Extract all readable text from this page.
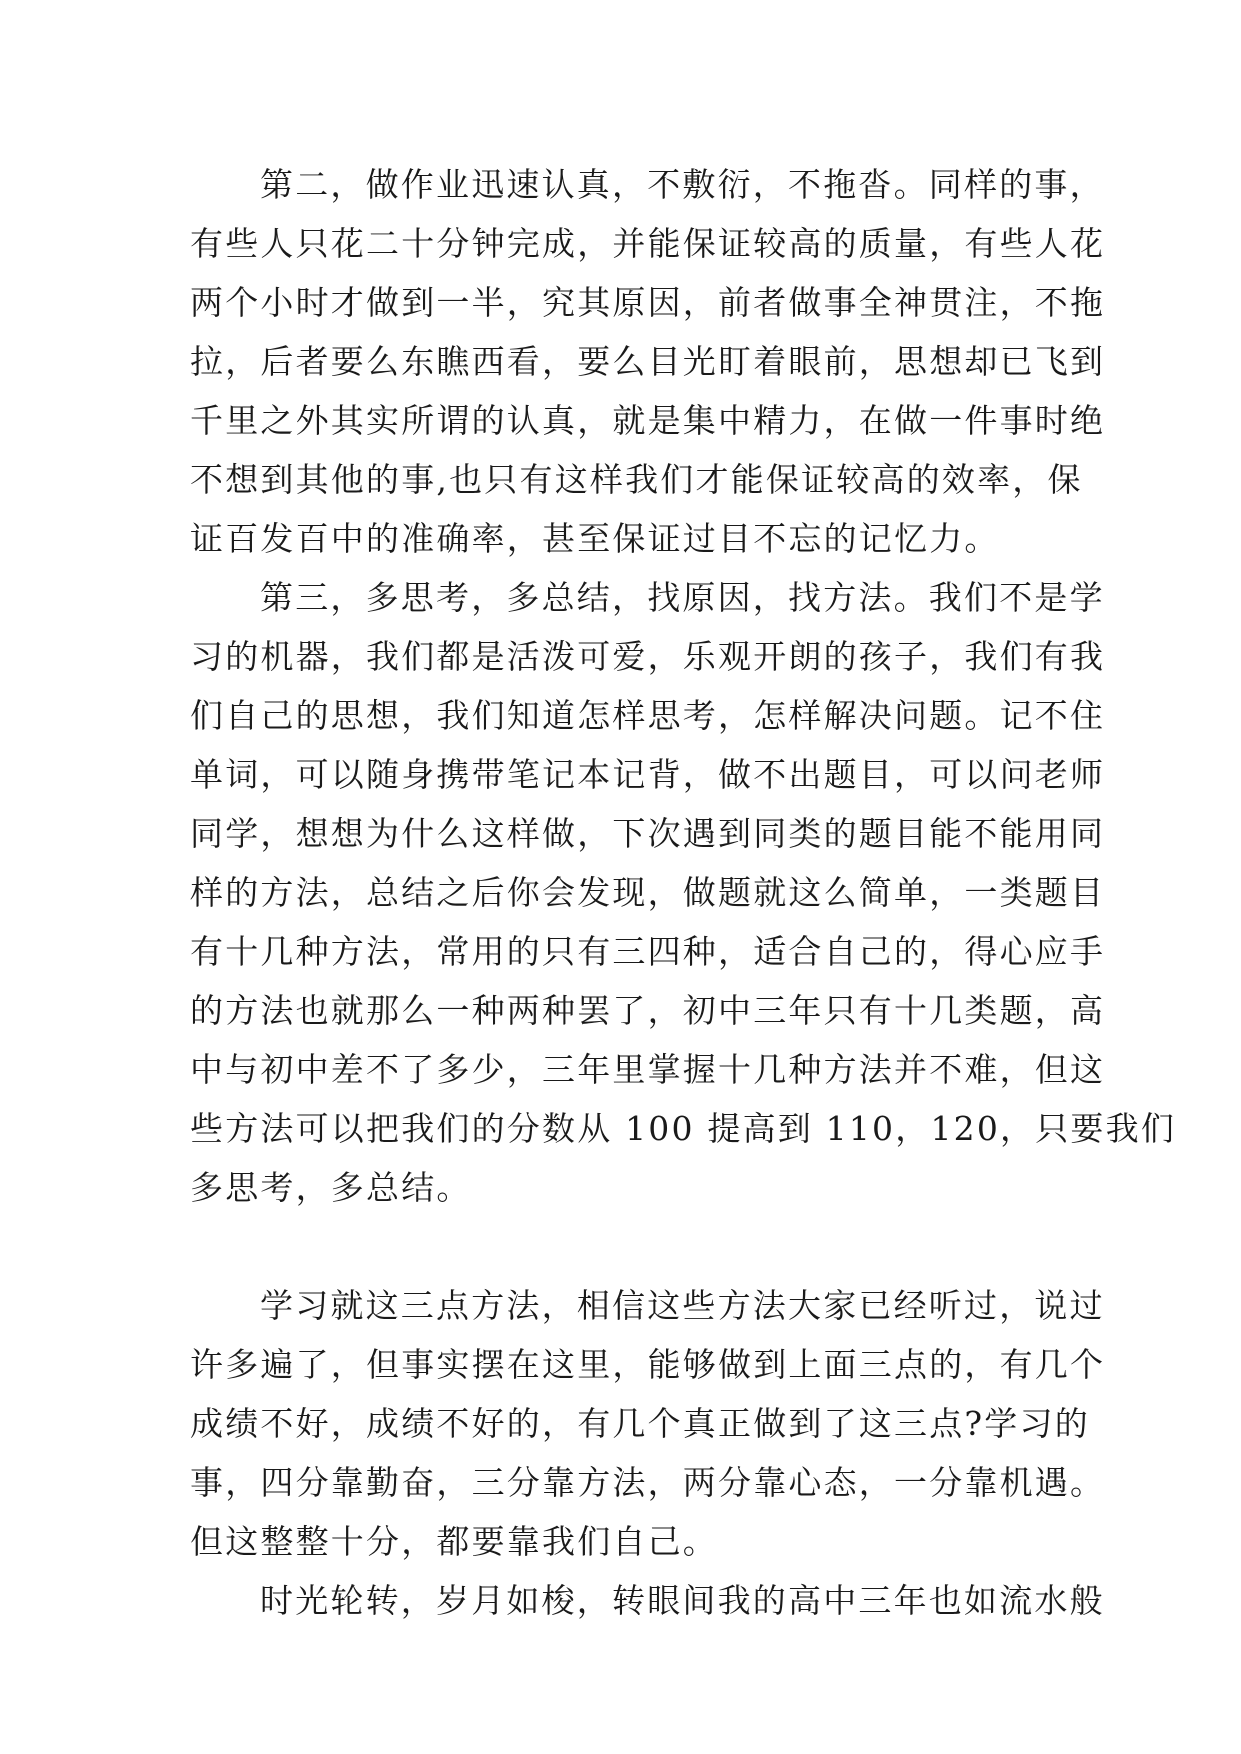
第二，做作业迅速认真，不敷衍，不拖沓。同样的事，
有些人只花二十分钟完成，并能保证较高的质量，有些人花
两个小时才做到一半，究其原因，前者做事全神贯注，不拖
拉，后者要么东瞧西看，要么目光盯着眼前，思想却已飞到
千里之外其实所谓的认真，就是集中精力，在做一件事时绝
不想到其他的事,也只有这样我们才能保证较高的效率，保
证百发百中的准确率，甚至保证过目不忘的记忆力。
第三，多思考，多总结，找原因，找方法。我们不是学
习的机器，我们都是活泼可爱，乐观开朗的孩子，我们有我
们自己的思想，我们知道怎样思考，怎样解决问题。记不住
单词，可以随身携带笔记本记背，做不出题目，可以问老师
同学，想想为什么这样做，下次遇到同类的题目能不能用同
样的方法，总结之后你会发现，做题就这么简单，一类题目
有十几种方法，常用的只有三四种，适合自己的，得心应手
的方法也就那么一种两种罢了，初中三年只有十几类题，高
中与初中差不了多少，三年里掌握十几种方法并不难，但这
些方法可以把我们的分数从 100 提高到 110，120，只要我们
多思考，多总结。
学习就这三点方法，相信这些方法大家已经听过，说过
许多遍了，但事实摆在这里，能够做到上面三点的，有几个
成绩不好，成绩不好的，有几个真正做到了这三点?学习的
事，四分靠勤奋，三分靠方法，两分靠心态，一分靠机遇。
但这整整十分，都要靠我们自己。
时光轮转，岁月如梭，转眼间我的高中三年也如流水般
